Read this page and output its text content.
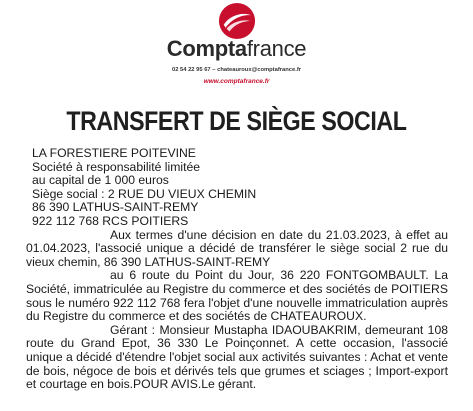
Comptafrance
02 54 22 95 67 – chateauroux@comptafrance.fr
www.comptafrance.fr
TRANSFERT DE SIÈGE SOCIAL
LA FORESTIERE POITEVINE
Société à responsabilité limitée
au capital de 1 000 euros
Siège social : 2 RUE DU VIEUX CHEMIN
86 390 LATHUS-SAINT-REMY
922 112 768 RCS POITIERS

Aux termes d'une décision en date du 21.03.2023, à effet au 01.04.2023, l'associé unique a décidé de transférer le siège social 2 rue du vieux chemin, 86 390 LATHUS-SAINT-REMY

au 6 route du Point du Jour, 36 220 FONTGOMBAULT. La Société, immatriculée au Registre du commerce et des sociétés de POITIERS sous le numéro 922 112 768 fera l'objet d'une nouvelle immatriculation auprès du Registre du commerce et des sociétés de CHATEAUROUX.

Gérant : Monsieur Mustapha IDAOUBAKRIM, demeurant 108 route du Grand Epot, 36 330 Le Poinçonnet. A cette occasion, l'associé unique a décidé d'étendre l'objet social aux activités suivantes : Achat et vente de bois, négoce de bois et dérivés tels que grumes et sciages ; Import-export et courtage en bois.POUR AVIS.Le gérant.
